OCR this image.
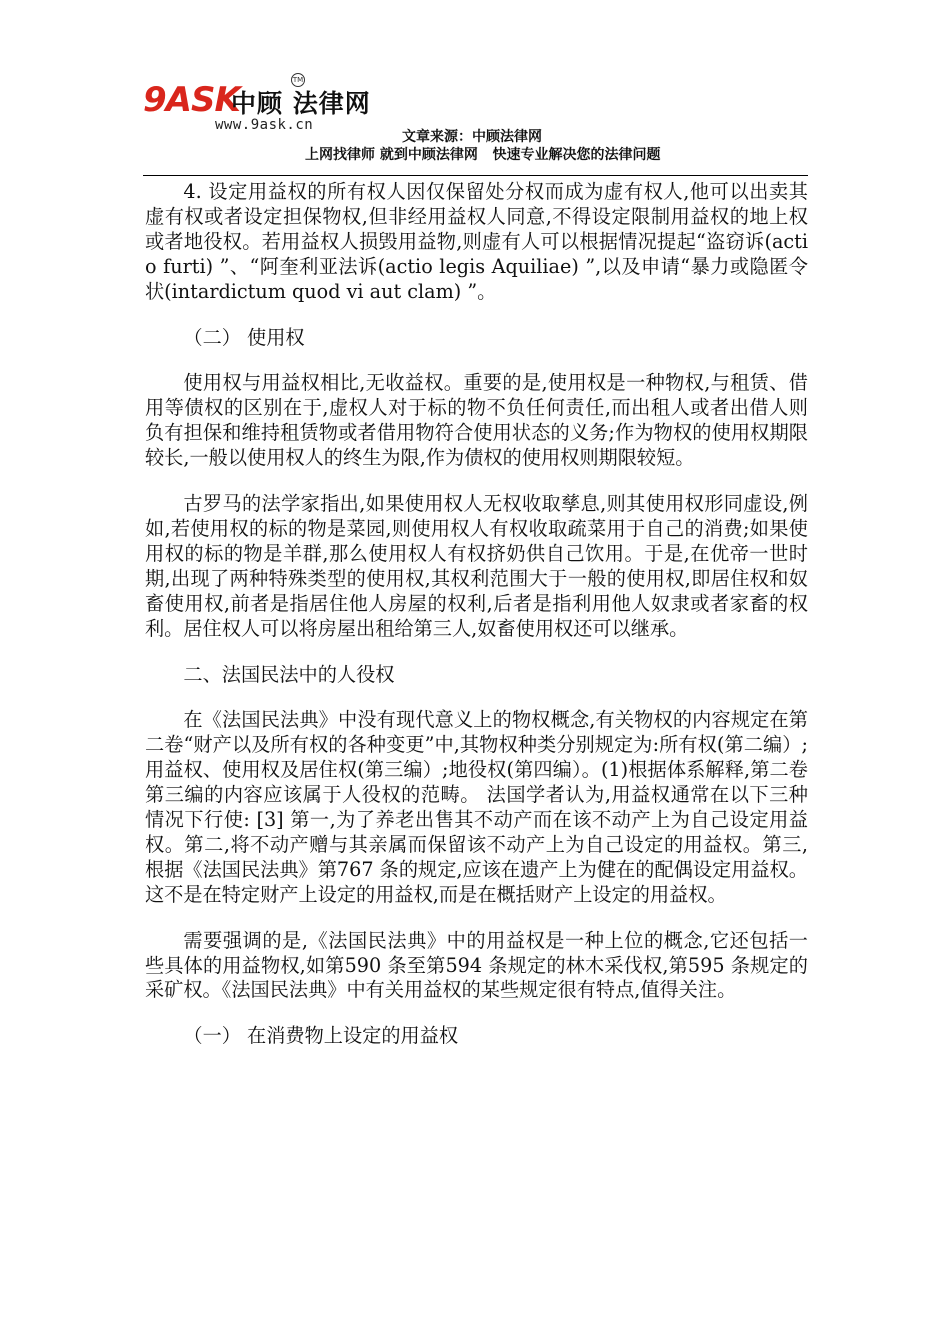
9ASK
中顾 法律网
TM
www.9ask.cn
文章来源：中顾法律网
上网找律师 就到中顾法律网   快速专业解决您的法律问题

4. 设定用益权的所有权人因仅保留处分权而成为虚有权人,他可以出卖其虚有权或者设定担保物权,但非经用益权人同意,不得设定限制用益权的地上权或者地役权。若用益权人损毁用益物,则虚有人可以根据情况提起“盗窃诉(actio furti) ”、“阿奎利亚法诉(actio legis Aquiliae) ”,以及申请“暴力或隐匿令状(intardictum quod vi aut clam) ”。

（二） 使用权

使用权与用益权相比,无收益权。重要的是,使用权是一种物权,与租赁、借用等债权的区别在于,虚权人对于标的物不负任何责任,而出租人或者出借人则负有担保和维持租赁物或者借用物符合使用状态的义务;作为物权的使用权期限较长,一般以使用权人的终生为限,作为债权的使用权则期限较短。

古罗马的法学家指出,如果使用权人无权收取孳息,则其使用权形同虚设,例如,若使用权的标的物是菜园,则使用权人有权收取疏菜用于自己的消费;如果使用权的标的物是羊群,那么使用权人有权挤奶供自己饮用。于是,在优帝一世时期,出现了两种特殊类型的使用权,其权利范围大于一般的使用权,即居住权和奴畜使用权,前者是指居住他人房屋的权利,后者是指利用他人奴隶或者家畜的权利。居住权人可以将房屋出租给第三人,奴畜使用权还可以继承。

二、法国民法中的人役权

在《法国民法典》中没有现代意义上的物权概念,有关物权的内容规定在第二卷“财产以及所有权的各种变更”中,其物权种类分别规定为:所有权(第二编）;用益权、使用权及居住权(第三编）;地役权(第四编）。(1)根据体系解释,第二卷第三编的内容应该属于人役权的范畴。 法国学者认为,用益权通常在以下三种情况下行使: [3] 第一,为了养老出售其不动产而在该不动产上为自己设定用益权。第二,将不动产赠与其亲属而保留该不动产上为自己设定的用益权。第三,根据《法国民法典》第767 条的规定,应该在遗产上为健在的配偶设定用益权。这不是在特定财产上设定的用益权,而是在概括财产上设定的用益权。

需要强调的是,《法国民法典》中的用益权是一种上位的概念,它还包括一些具体的用益物权,如第590 条至第594 条规定的林木采伐权,第595 条规定的采矿权。《法国民法典》中有关用益权的某些规定很有特点,值得关注。

（一） 在消费物上设定的用益权
